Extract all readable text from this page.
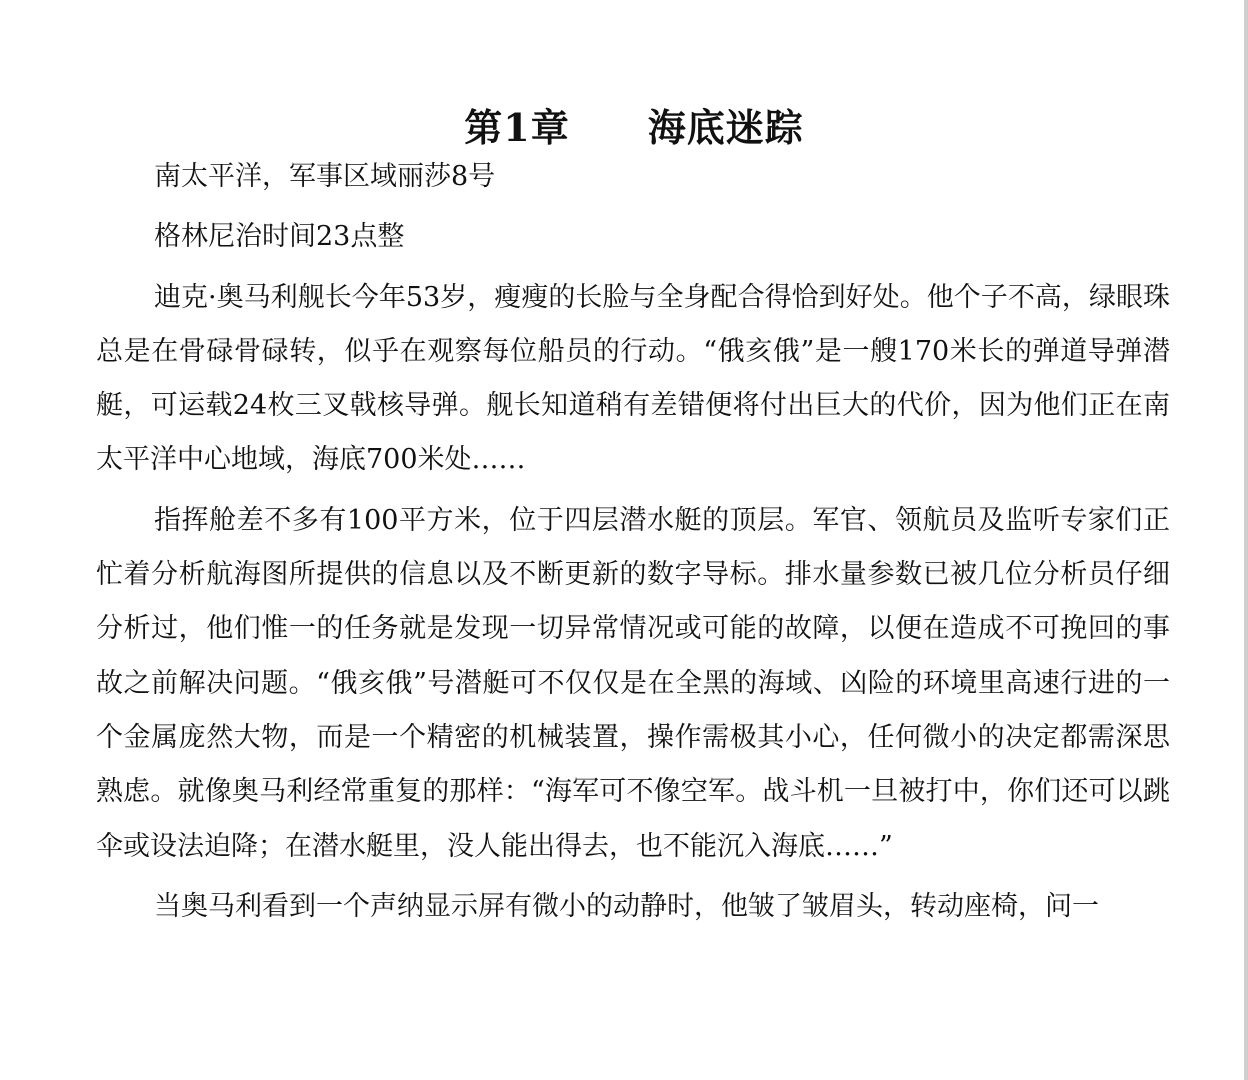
第1章　　海底迷踪

南太平洋，军事区域丽莎8号

格林尼治时间23点整

迪克·奥马利舰长今年53岁，瘦瘦的长脸与全身配合得恰到好处。他个子不高，绿眼珠总是在骨碌骨碌转，似乎在观察每位船员的行动。“俄亥俄”是一艘170米长的弹道导弹潜艇，可运载24枚三叉戟核导弹。舰长知道稍有差错便将付出巨大的代价，因为他们正在南太平洋中心地域，海底700米处……

指挥舱差不多有100平方米，位于四层潜水艇的顶层。军官、领航员及监听专家们正忙着分析航海图所提供的信息以及不断更新的数字导标。排水量参数已被几位分析员仔细分析过，他们惟一的任务就是发现一切异常情况或可能的故障，以便在造成不可挽回的事故之前解决问题。“俄亥俄”号潜艇可不仅仅是在全黑的海域、凶险的环境里高速行进的一个金属庞然大物，而是一个精密的机械装置，操作需极其小心，任何微小的决定都需深思熟虑。就像奥马利经常重复的那样：“海军可不像空军。战斗机一旦被打中，你们还可以跳伞或设法迫降；在潜水艇里，没人能出得去，也不能沉入海底……”

当奥马利看到一个声纳显示屏有微小的动静时，他皱了皱眉头，转动座椅，问一
